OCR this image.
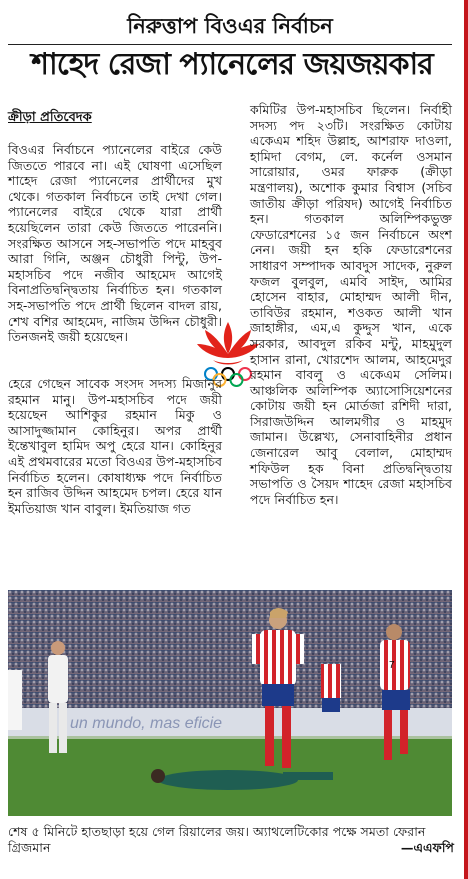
নিরুত্তাপ বিওএর নির্বাচন
শাহেদ রেজা প্যানেলের জয়জয়কার
ক্রীড়া প্রতিবেদক

বিওএর নির্বাচনে প্যানেলের বাইরে কেউ জিততে পারবে না। এই ঘোষণা এসেছিল শাহেদ রেজা প্যানেলের প্রার্থীদের মুখ থেকে। গতকাল নির্বাচনে তাই দেখা গেল। প্যানেলের বাইরে থেকে যারা প্রার্থী হয়েছিলেন তারা কেউ জিততে পারেননি। সংরক্ষিত আসনে সহ-সভাপতি পদে মাহবুব আরা গিনি, অঞ্জন চৌধুরী পিন্টু, উপ-মহাসচিব পদে নজীব আহমেদ আগেই বিনাপ্রতিদ্বন্দ্বিতায় নির্বাচিত হন। গতকাল সহ-সভাপতি পদে প্রার্থী ছিলেন বাদল রায়, শেখ বশির আহমেদ, নাজিম উদ্দিন চৌধুরী। তিনজনই জয়ী হয়েছেন।

হেরে গেছেন সাবেক সংসদ সদস্য মিজানুর রহমান মানু। উপ-মহাসচিব পদে জয়ী হয়েছেন আশিকুর রহমান মিকু ও আসাদুজ্জামান কোহিনুর। অপর প্রার্থী ইন্তেখাবুল হামিদ অপু হেরে যান। কোহিনুর এই প্রথমবারের মতো বিওএর উপ-মহাসচিব নির্বাচিত হলেন। কোষাধ্যক্ষ পদে নির্বাচিত হন রাজিব উদ্দিন আহমেদ চপল। হেরে যান ইমতিয়াজ খান বাবুল। ইমতিয়াজ গত

কমিটির উপ-মহাসচিব ছিলেন। নির্বাহী সদস্য পদ ২৩টি। সংরক্ষিত কোটায় একেএম শহিদ উল্লাহ, আশরাফ দাওলা, হামিদা বেগম, লে. কর্নেল ওসমান সারোয়ার, ওমর ফারুক (ক্রীড়া মন্ত্রণালয়), অশোক কুমার বিশ্বাস (সচিব জাতীয় ক্রীড়া পরিষদ) আগেই নির্বাচিত হন। গতকাল অলিম্পিকভুক্ত ফেডারেশনের ১৫ জন নির্বাচনে অংশ নেন। জয়ী হন হকি ফেডারেশনের সাধারণ সম্পাদক আবদুস সাদেক, নুরুল ফজল বুলবুল, এমবি সাইদ, আমির হোসেন বাহার, মোহাম্মদ আলী দীন, তাবিউর রহমান, শওকত আলী খান জাহাঙ্গীর, এম,এ কুদ্দুস খান, একে সরকার, আবদুল রকিব মন্টু, মাহমুদুল হাসান রানা, খোরশেদ আলম, আহমেদুর রহমান বাবলু ও একেএম সেলিম। আঞ্চলিক অলিম্পিক অ্যাসোসিয়েশনের কোটায় জয়ী হন মোর্তজা রশিদী দারা, সিরাজউদ্দিন আলমগীর ও মাহমুদ জামান। উল্লেখ্য, সেনাবাহিনীর প্রধান জেনারেল আবু বেলাল, মোহাম্মদ শফিউল হক বিনা প্রতিদ্বন্দ্বিতায় সভাপতি ও সৈয়দ শাহেদ রেজা মহাসচিব পদে নির্বাচিত হন।

un mundo, mas eficie
7
শেষ ৫ মিনিটে হাতছাড়া হয়ে গেল রিয়ালের জয়। অ্যাথলেটিকোর পক্ষে সমতা ফেরান গ্রিজমান	—এএফপি
